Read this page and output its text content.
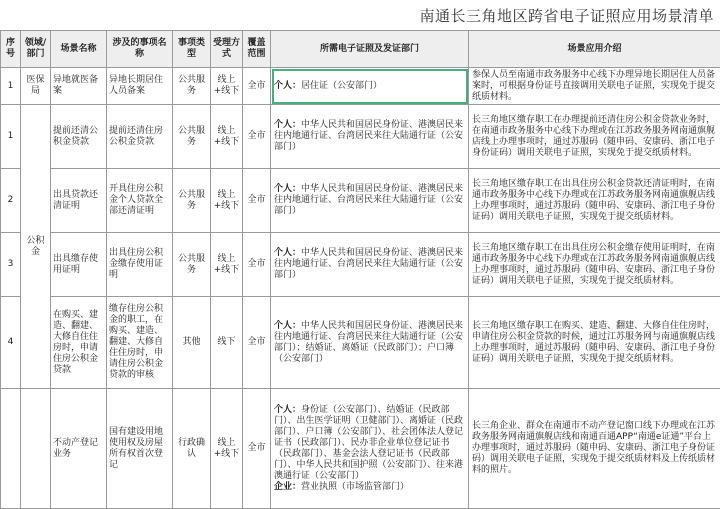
南通长三角地区跨省电子证照应用场景清单
序号	领域/部门	场景名称	涉及的事项名称	事项类型	受理方式	覆盖范围	所需电子证照及发证部门	场景应用介绍
1	医保局	异地就医备案	异地长期居住人员备案	公共服务	线上+线下	全市	个人：居住证（公安部门）	参保人员至南通市政务服务中心线下办理异地长期居住人员备案时，可根据身份证号直接调用关联电子证照，实现免于提交纸质材料。
1	公积金	提前还清公积金贷款	提前还清住房公积金贷款	公共服务	线上+线下	全市	个人：中华人民共和国居民身份证、港澳居民来往内地通行证、台湾居民来往大陆通行证（公安部门）	长三角地区缴存职工在办理提前还清住房公积金贷款业务时，在南通市政务服务中心线下办理或在江苏政务服务网南通旗舰店线上办理事项时，通过苏服码（随申码、安康码、浙江电子身份证码）调用关联电子证照，实现免于提交纸质材料。
2		出具贷款还清证明	开具住房公积金个人贷款全部还清证明	公共服务	线上+线下	全市	个人：中华人民共和国居民身份证、港澳居民来往内地通行证、台湾居民来往大陆通行证（公安部门）	长三角地区缴存职工在出具住房公积金贷款还清证明时，在南通市政务服务中心线下办理或在江苏政务服务网南通旗舰店线上办理事项时，通过苏服码（随申码、安康码、浙江电子身份证码）调用关联电子证照，实现免于提交纸质材料。
3		出具缴存使用证明	出具住房公积金缴存使用证明	公共服务	线上+线下	全市	个人：中华人民共和国居民身份证、港澳居民来往内地通行证、台湾居民来往大陆通行证（公安部门）	长三角地区缴存职工在出具住房公积金缴存使用证明时，在南通市政务服务中心线下办理或在江苏政务服务网南通旗舰店线上办理事项时，通过苏服码（随申码、安康码、浙江电子身份证码）调用关联电子证照，实现免于提交纸质材料。
4		在购买、建造、翻建、大修自住住房时，申请住房公积金贷款	缴存住房公积金的职工，在购买、建造、翻建、大修自住住房时，申请住房公积金贷款的审核	其他	线下	全市	个人：中华人民共和国居民身份证、港澳居民来往内地通行证、台湾居民来往大陆通行证（公安部门）；结婚证、离婚证（民政部门）；户口簿（公安部门）	长三角地区缴存职工在购买、建造、翻建、大修自住住房时，申请住房公积金贷款的时候，通过江苏服务网与南通旗舰店线上办理事项时，通过苏服码（随申码、安康码、浙江电子身份证码）调用关联电子证照，实现免于提交纸质材料。
		不动产登记业务	国有建设用地使用权及房屋所有权首次登记	行政确认	线上+线下	全市	个人：身份证（公安部门）、结婚证（民政部门）、出生医学证明（卫健部门）、离婚证（民政部门）、户口簿（公安部门）、社会团体法人登记证书（民政部门）、民办非企业单位登记证书（民政部门）、基金会法人登记证书（民政部门）、中华人民共和国护照（公安部门）、往来港澳通行证（公安部门）
企业：营业执照（市场监管部门）	长三角企业、群众在南通市不动产登记窗口线下办理或在江苏政务服务网南通旗舰店线和南通百通APP“南通e证通”平台上办理事项时，通过苏服码（随申码、安康码、浙江电子身份证码）调用关联电子证照，实现免于提交纸质材料及上传纸质材料的照片。
